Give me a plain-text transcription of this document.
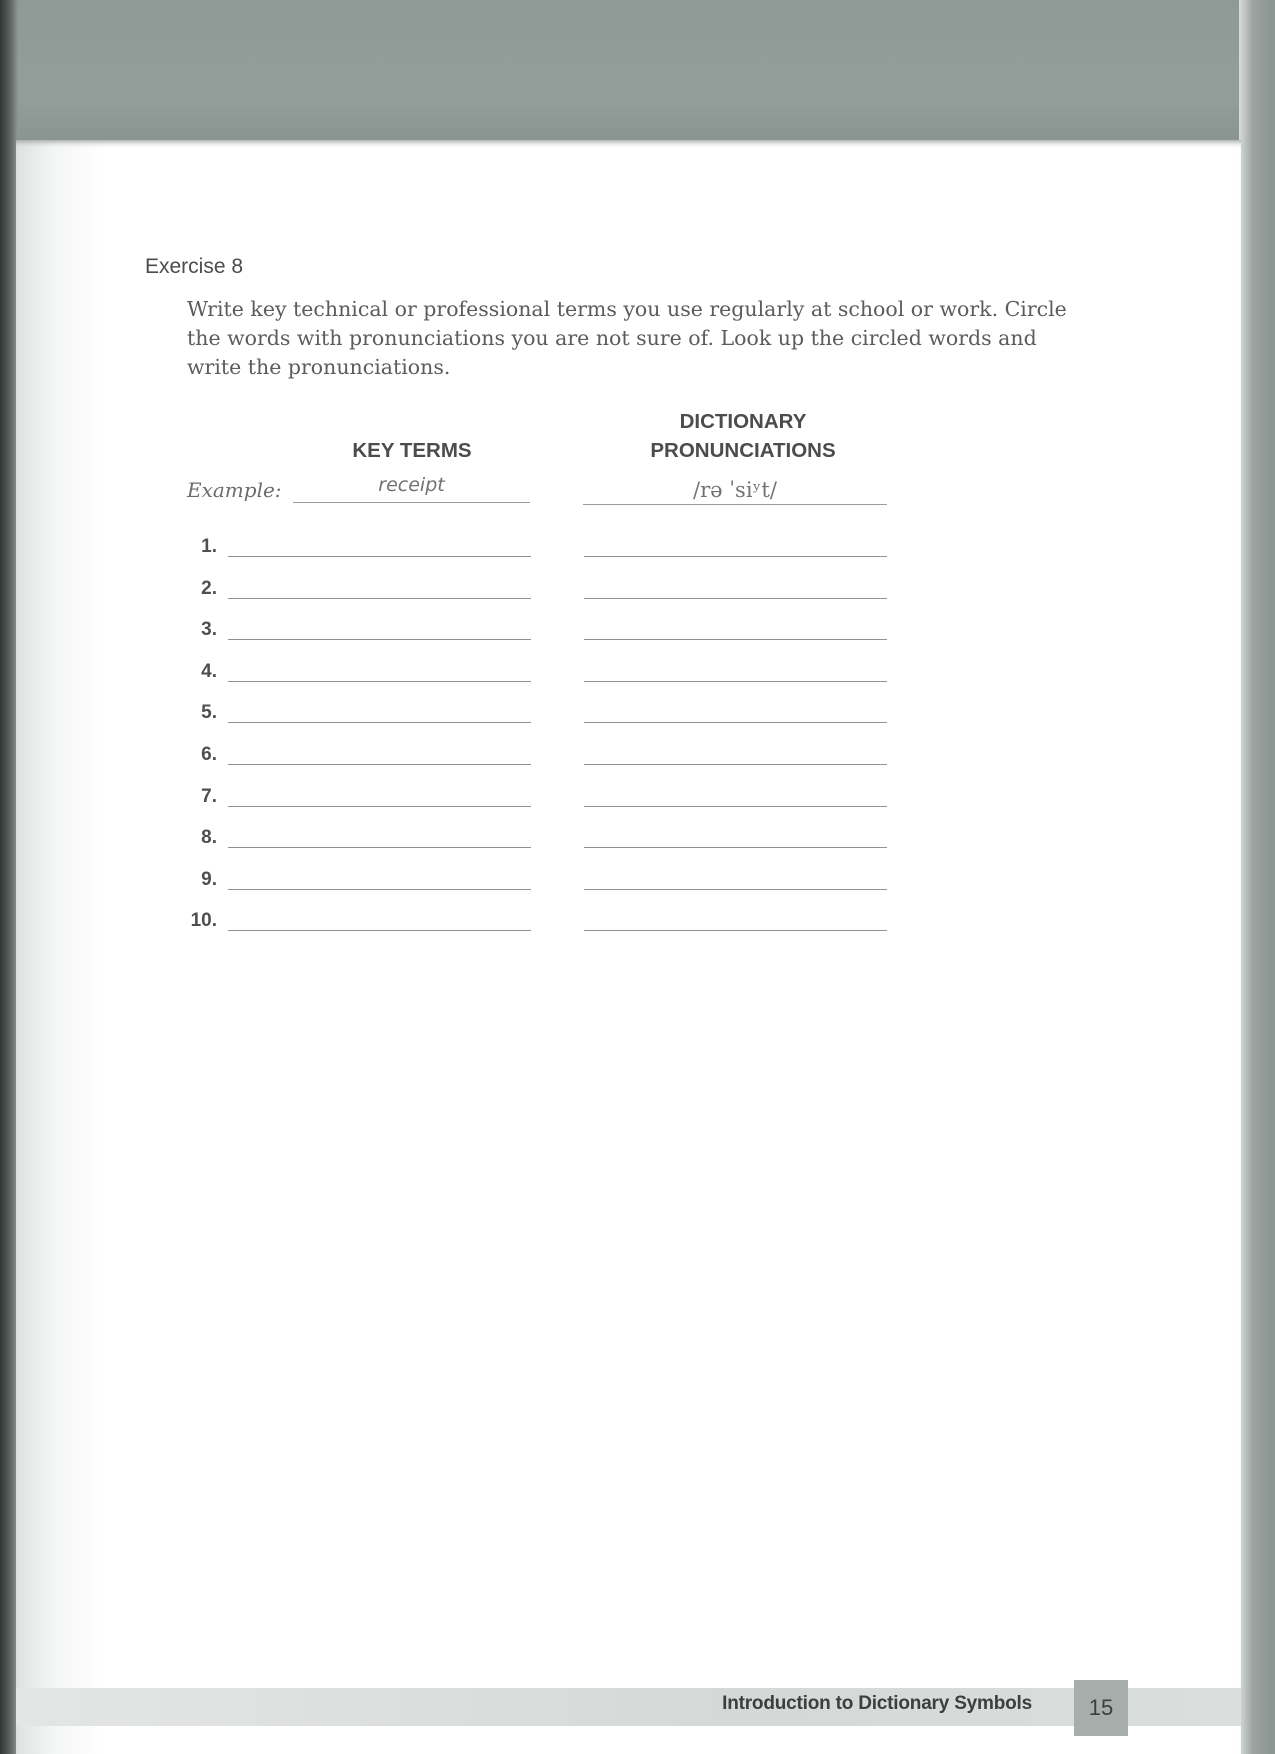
Exercise 8
Write key technical or professional terms you use regularly at school or work. Circle the words with pronunciations you are not sure of. Look up the circled words and write the pronunciations.
KEY TERMS
DICTIONARY
PRONUNCIATIONS
Example:	receipt	/rə ˈsiʸt/
1.
2.
3.
4.
5.
6.
7.
8.
9.
10.
Introduction to Dictionary Symbols	15
